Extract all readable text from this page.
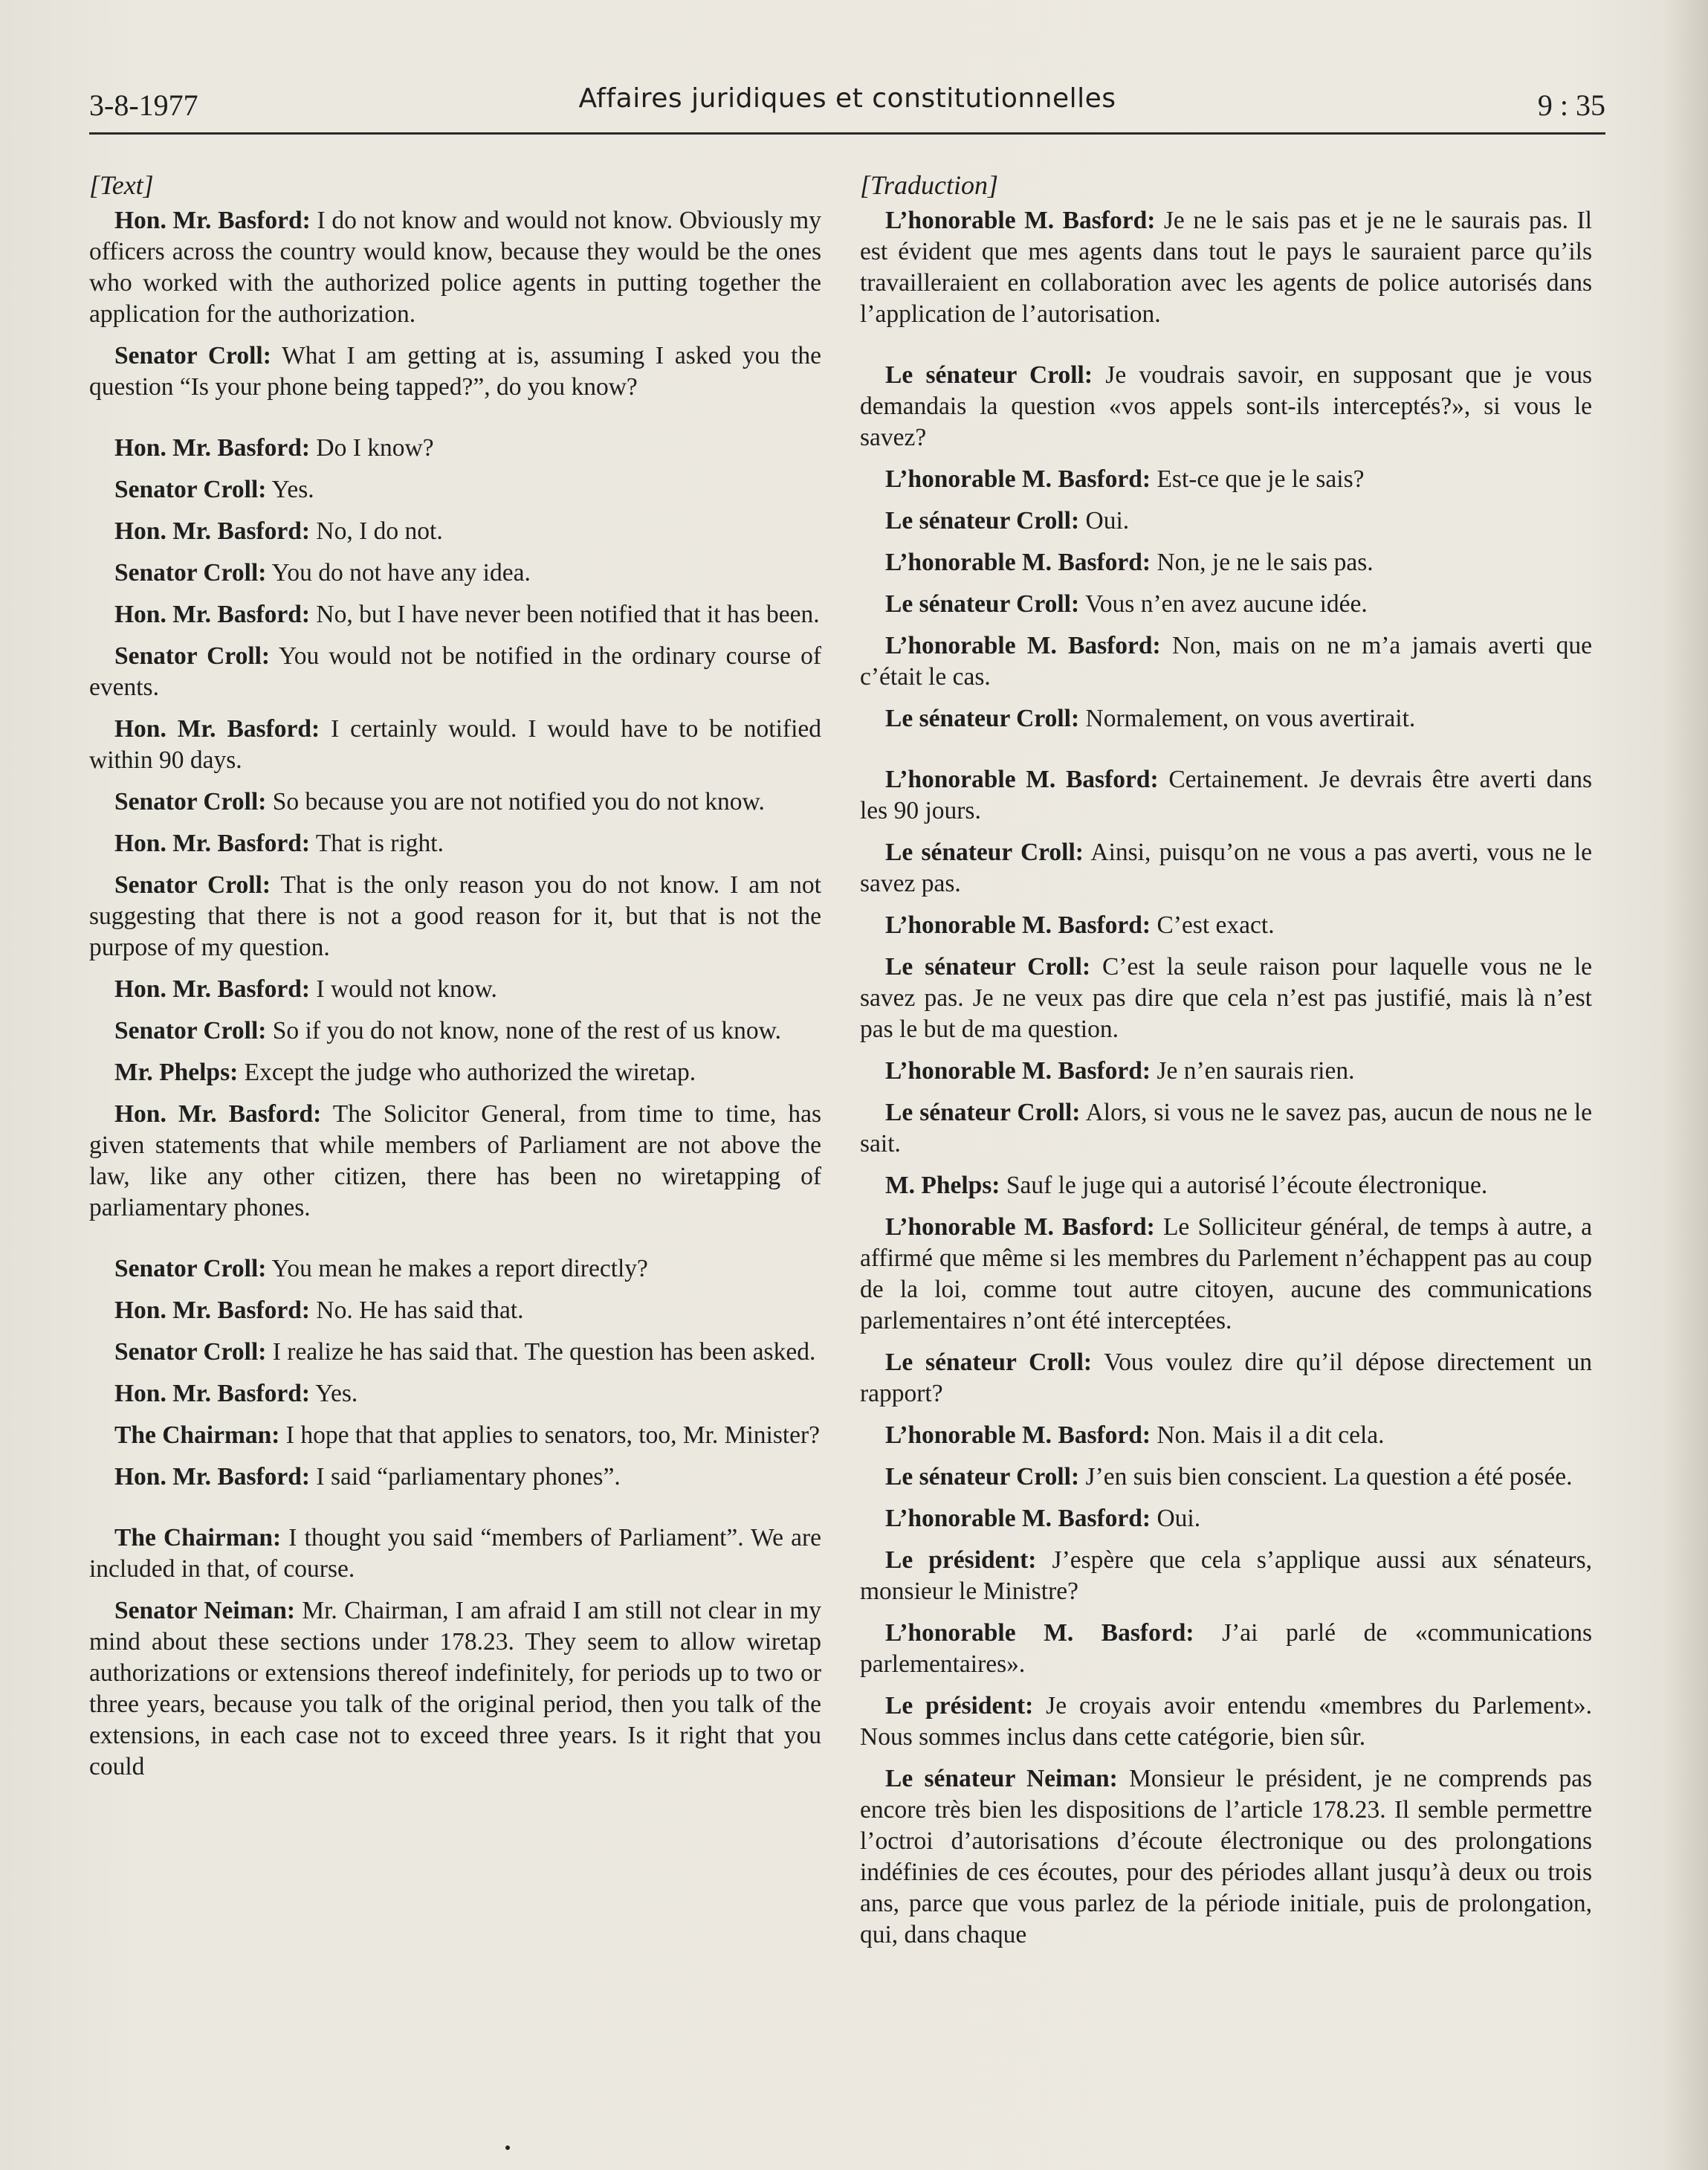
3-8-1977	Affaires juridiques et constitutionnelles	9 : 35

[Text]

Hon. Mr. Basford: I do not know and would not know. Obviously my officers across the country would know, because they would be the ones who worked with the authorized police agents in putting together the application for the authorization.

Senator Croll: What I am getting at is, assuming I asked you the question “Is your phone being tapped?”, do you know?

Hon. Mr. Basford: Do I know?

Senator Croll: Yes.

Hon. Mr. Basford: No, I do not.

Senator Croll: You do not have any idea.

Hon. Mr. Basford: No, but I have never been notified that it has been.

Senator Croll: You would not be notified in the ordinary course of events.

Hon. Mr. Basford: I certainly would. I would have to be notified within 90 days.

Senator Croll: So because you are not notified you do not know.

Hon. Mr. Basford: That is right.

Senator Croll: That is the only reason you do not know. I am not suggesting that there is not a good reason for it, but that is not the purpose of my question.

Hon. Mr. Basford: I would not know.

Senator Croll: So if you do not know, none of the rest of us know.

Mr. Phelps: Except the judge who authorized the wiretap.

Hon. Mr. Basford: The Solicitor General, from time to time, has given statements that while members of Parliament are not above the law, like any other citizen, there has been no wiretapping of parliamentary phones.

Senator Croll: You mean he makes a report directly?

Hon. Mr. Basford: No. He has said that.

Senator Croll: I realize he has said that. The question has been asked.

Hon. Mr. Basford: Yes.

The Chairman: I hope that that applies to senators, too, Mr. Minister?

Hon. Mr. Basford: I said “parliamentary phones”.

The Chairman: I thought you said “members of Parliament”. We are included in that, of course.

Senator Neiman: Mr. Chairman, I am afraid I am still not clear in my mind about these sections under 178.23. They seem to allow wiretap authorizations or extensions thereof indefinitely, for periods up to two or three years, because you talk of the original period, then you talk of the extensions, in each case not to exceed three years. Is it right that you could

[Traduction]

L’honorable M. Basford: Je ne le sais pas et je ne le saurais pas. Il est évident que mes agents dans tout le pays le sauraient parce qu’ils travailleraient en collaboration avec les agents de police autorisés dans l’application de l’autorisation.

Le sénateur Croll: Je voudrais savoir, en supposant que je vous demandais la question «vos appels sont-ils interceptés?», si vous le savez?

L’honorable M. Basford: Est-ce que je le sais?

Le sénateur Croll: Oui.

L’honorable M. Basford: Non, je ne le sais pas.

Le sénateur Croll: Vous n’en avez aucune idée.

L’honorable M. Basford: Non, mais on ne m’a jamais averti que c’était le cas.

Le sénateur Croll: Normalement, on vous avertirait.

L’honorable M. Basford: Certainement. Je devrais être averti dans les 90 jours.

Le sénateur Croll: Ainsi, puisqu’on ne vous a pas averti, vous ne le savez pas.

L’honorable M. Basford: C’est exact.

Le sénateur Croll: C’est la seule raison pour laquelle vous ne le savez pas. Je ne veux pas dire que cela n’est pas justifié, mais là n’est pas le but de ma question.

L’honorable M. Basford: Je n’en saurais rien.

Le sénateur Croll: Alors, si vous ne le savez pas, aucun de nous ne le sait.

M. Phelps: Sauf le juge qui a autorisé l’écoute électronique.

L’honorable M. Basford: Le Solliciteur général, de temps à autre, a affirmé que même si les membres du Parlement n’échappent pas au coup de la loi, comme tout autre citoyen, aucune des communications parlementaires n’ont été interceptées.

Le sénateur Croll: Vous voulez dire qu’il dépose directement un rapport?

L’honorable M. Basford: Non. Mais il a dit cela.

Le sénateur Croll: J’en suis bien conscient. La question a été posée.

L’honorable M. Basford: Oui.

Le président: J’espère que cela s’applique aussi aux sénateurs, monsieur le Ministre?

L’honorable M. Basford: J’ai parlé de «communications parlementaires».

Le président: Je croyais avoir entendu «membres du Parlement». Nous sommes inclus dans cette catégorie, bien sûr.

Le sénateur Neiman: Monsieur le président, je ne comprends pas encore très bien les dispositions de l’article 178.23. Il semble permettre l’octroi d’autorisations d’écoute électronique ou des prolongations indéfinies de ces écoutes, pour des périodes allant jusqu’à deux ou trois ans, parce que vous parlez de la période initiale, puis de prolongation, qui, dans chaque
